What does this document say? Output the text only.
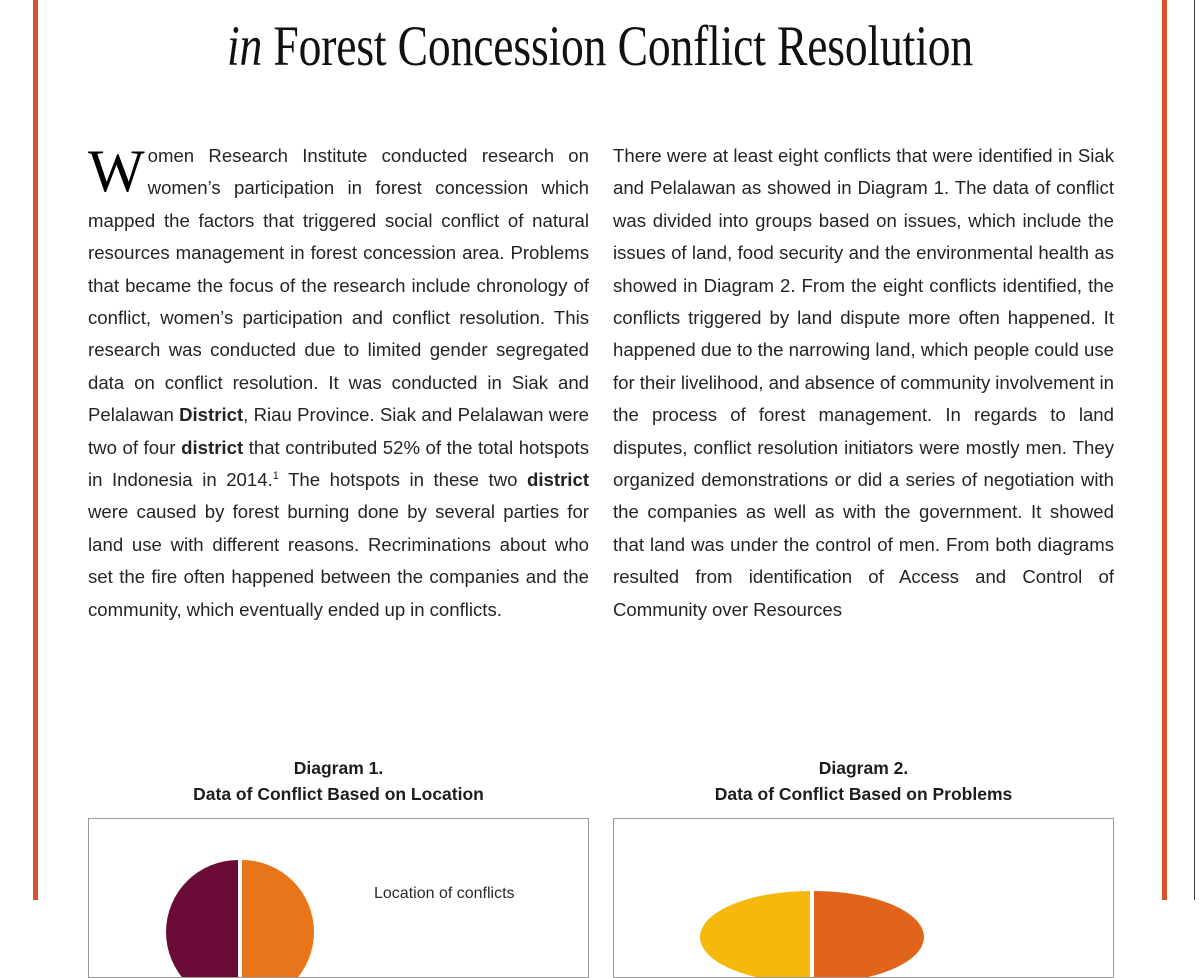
in Forest Concession Conflict Resolution

Women Research Institute conducted research on women’s participation in forest concession which mapped the factors that triggered social con​flict of natural resources management in forest con​cession area. Problems that became the focus of the research include chronology of conflict, women’s participation and conflict resolution. This research was conducted due to limited gender segregated data on conflict resolution. It was conducted in Siak and Pelalawan District, Riau Province. Siak and Pelalawan were two of four district that contributed 52% of the total hotspots in Indonesia in 2014.$^1$ The hotspots in these two district were caused by forest burning done by several parties for land use with different reasons. Recriminations about who set the fire often happen​ed between the companies and the community, which eventually ended up in conflicts.

There were at least eight conflicts that were identified in Siak and Pelalawan as showed in Diagram 1. The data of conflict was divided into groups based on issues, which include the issues of land, food security and the environmental health as showed in Diagram 2. From the eight conflicts identified, the conflicts triggered by land dispute more often happened. It happened due to the narrowing land, which people could use for their livelihood, and absence of community involvement in the process of forest management. In regards to land disputes, conflict resolution initiators were mostly men. They organized demonstrations or did a series of negotiation with the companies as well as with the government. It showed that land was under the control of men. From both diagrams resulted from identification of Access and Control of Community over Resources

Diagram 1.
Data of Conflict Based on Location
Location of conflicts
Diagram 2.
Data of Conflict Based on Problems
